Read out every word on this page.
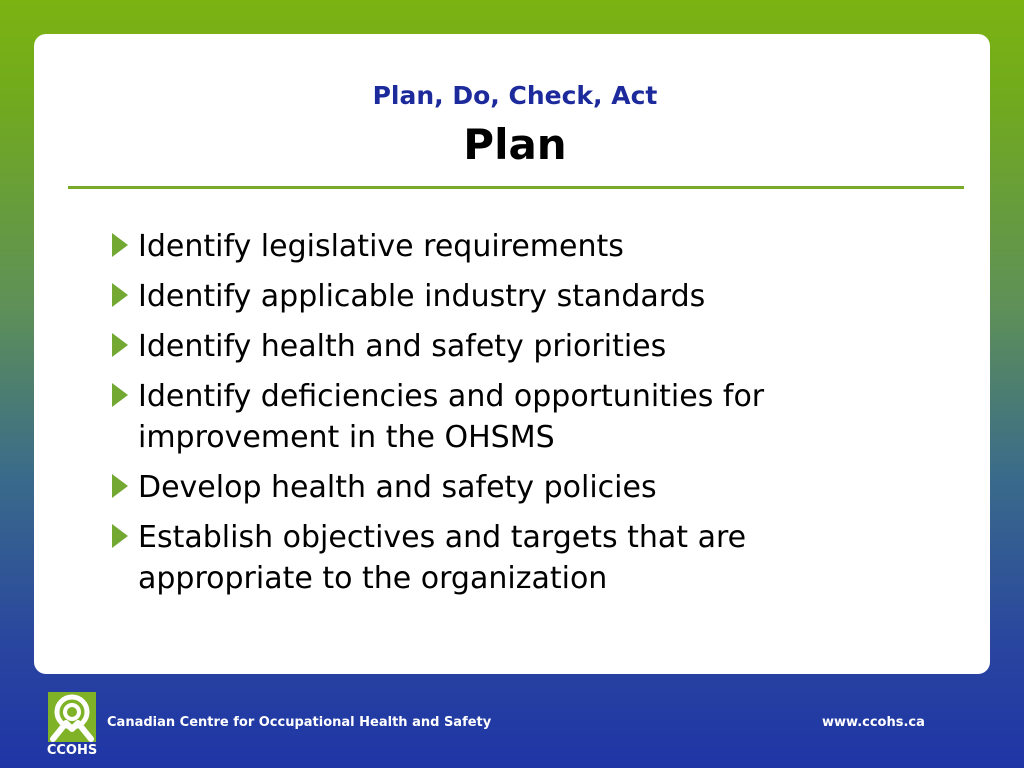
Plan, Do, Check, Act
Plan
Identify legislative requirements
Identify applicable industry standards
Identify health and safety priorities
Identify deficiencies and opportunities for improvement in the OHSMS
Develop health and safety policies
Establish objectives and targets that are appropriate to the organization
CCOHS
Canadian Centre for Occupational Health and Safety	www.ccohs.ca
